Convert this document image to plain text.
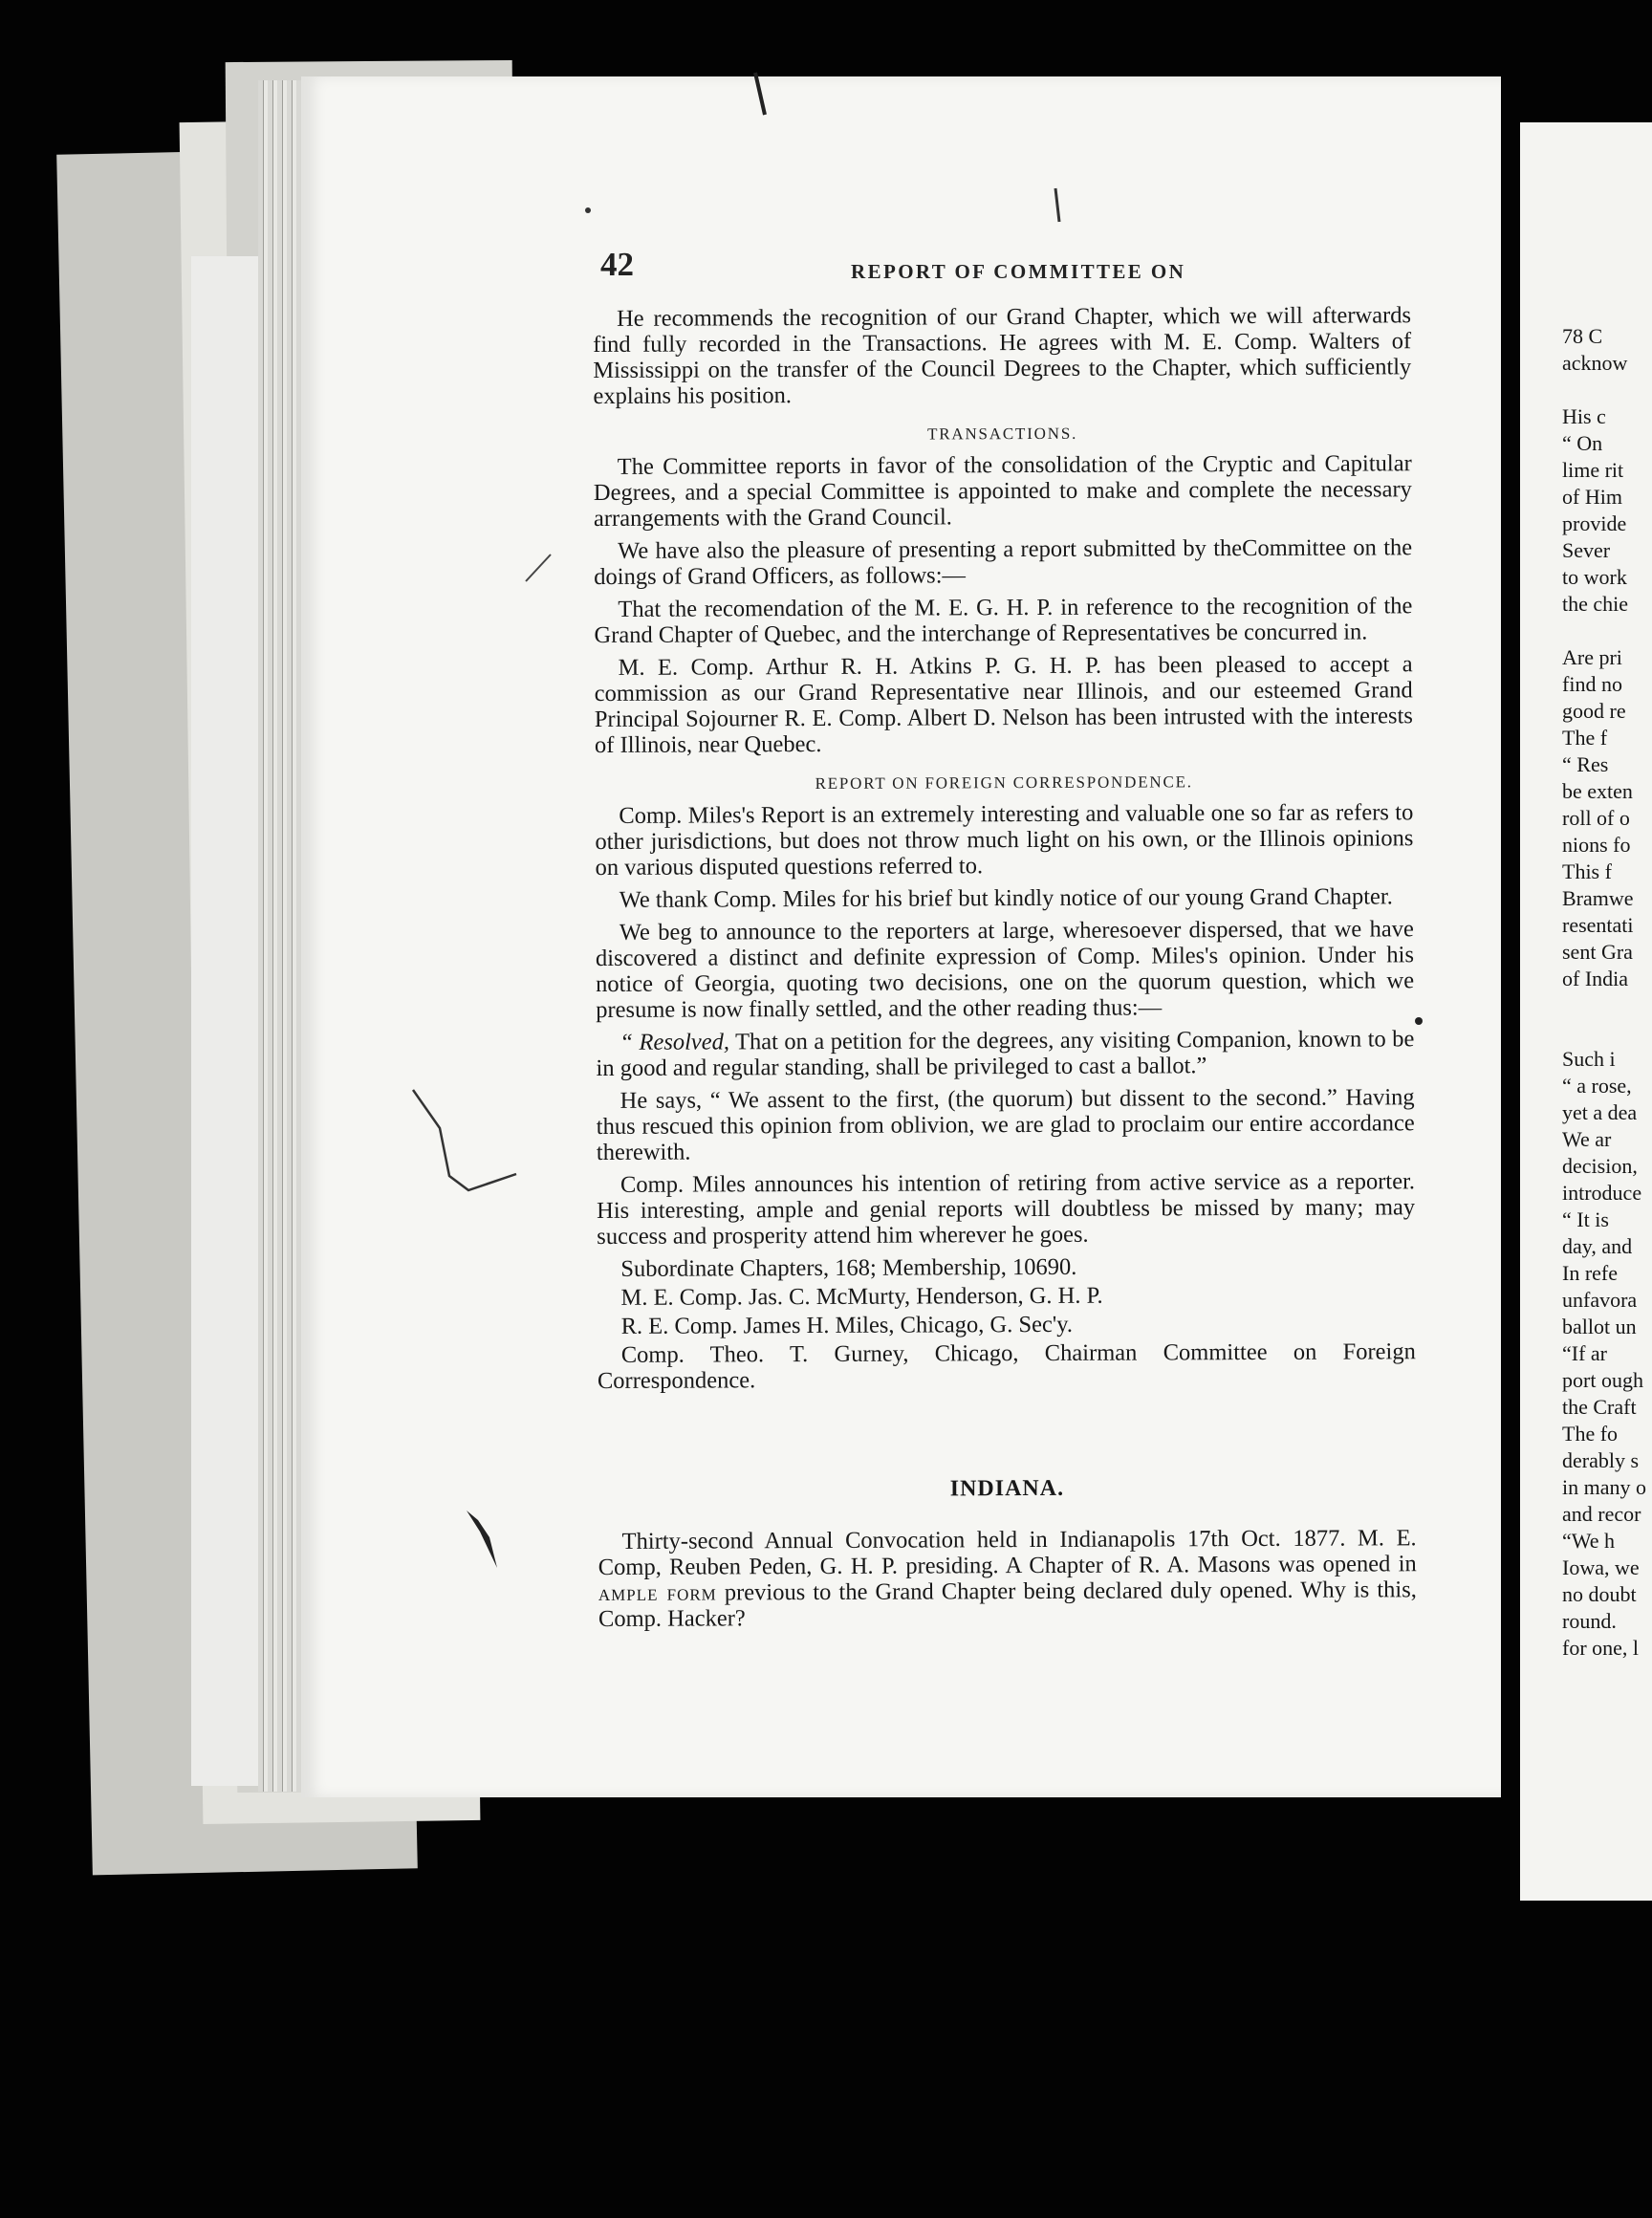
78 C
acknow
His c
“ On
lime rit
of Him
provide
Sever
to work
the chie
Are pri
find no
good re
The f
“ Res
be exten
roll of o
nions fo
This f
Bramwe
resentati
sent Gra
of India
Such i
“ a rose,
yet a dea
We ar
decision,
introduce
“ It is
day, and
In refe
unfavora
ballot un
“If ar
port ough
the Craft
The fo
derably s
in many o
and recor
“We h
Iowa, we
no doubt
round.
for one, l
42	REPORT OF COMMITTEE ON

He recommends the recognition of our Grand Chapter, which we will afterwards find fully recorded in the Transactions. He agrees with M. E. Comp. Walters of Mississippi on the transfer of the Council Degrees to the Chapter, which sufficiently explains his position.

TRANSACTIONS.

The Committee reports in favor of the consolidation of the Cryptic and Capitular Degrees, and a special Committee is appointed to make and complete the necessary arrangements with the Grand Council.

We have also the pleasure of presenting a report submitted by theCommittee on the doings of Grand Officers, as follows:—

That the recomendation of the M. E. G. H. P. in reference to the recognition of the Grand Chapter of Quebec, and the interchange of Representatives be concurred in.

M. E. Comp. Arthur R. H. Atkins P. G. H. P. has been pleased to accept a commission as our Grand Representative near Illinois, and our esteemed Grand Principal Sojourner R. E. Comp. Albert D. Nelson has been intrusted with the interests of Illinois, near Quebec.

REPORT ON FOREIGN CORRESPONDENCE.

Comp. Miles's Report is an extremely interesting and valuable one so far as refers to other jurisdictions, but does not throw much light on his own, or the Illinois opinions on various disputed questions referred to.

We thank Comp. Miles for his brief but kindly notice of our young Grand Chapter.

We beg to announce to the reporters at large, wheresoever dispersed, that we have discovered a distinct and definite expression of Comp. Miles's opinion. Under his notice of Georgia, quoting two decisions, one on the quorum question, which we presume is now finally settled, and the other reading thus:—

“ Resolved, That on a petition for the degrees, any visiting Companion, known to be in good and regular standing, shall be privileged to cast a ballot.”

He says, “ We assent to the first, (the quorum) but dissent to the second.” Having thus rescued this opinion from oblivion, we are glad to proclaim our entire accordance therewith.

Comp. Miles announces his intention of retiring from active service as a reporter. His interesting, ample and genial reports will doubtless be missed by many; may success and prosperity attend him wherever he goes.

Subordinate Chapters, 168; Membership, 10690.

M. E. Comp. Jas. C. McMurty, Henderson, G. H. P.

R. E. Comp. James H. Miles, Chicago, G. Sec'y.

Comp. Theo. T. Gurney, Chicago, Chairman Committee on Foreign Correspondence.

INDIANA.

Thirty-second Annual Convocation held in Indianapolis 17th Oct. 1877. M. E. Comp, Reuben Peden, G. H. P. presiding. A Chapter of R. A. Masons was opened in ample form previous to the Grand Chapter being declared duly opened. Why is this, Comp. Hacker?
